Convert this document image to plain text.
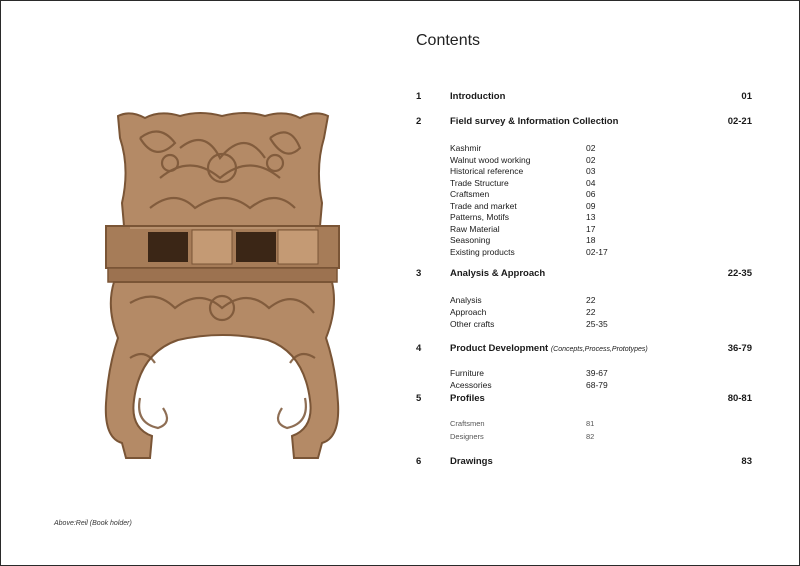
Above:Reil (Book holder)
Contents
1	Introduction	01
2	Field survey & Information Collection	02-21
Kashmir	02
Walnut wood working	02
Historical reference	03
Trade Structure	04
Craftsmen	06
Trade and market	09
Patterns, Motifs	13
Raw Material	17
Seasoning	18
Existing products	02-17
3	Analysis & Approach	22-35
Analysis	22
Approach	22
Other crafts	25-35
4	Product Development (Concepts,Process,Prototypes)	36-79
Furniture	39-67
Acessories	68-79
5	Profiles	80-81
Craftsmen	81
Designers	82
6	Drawings	83
